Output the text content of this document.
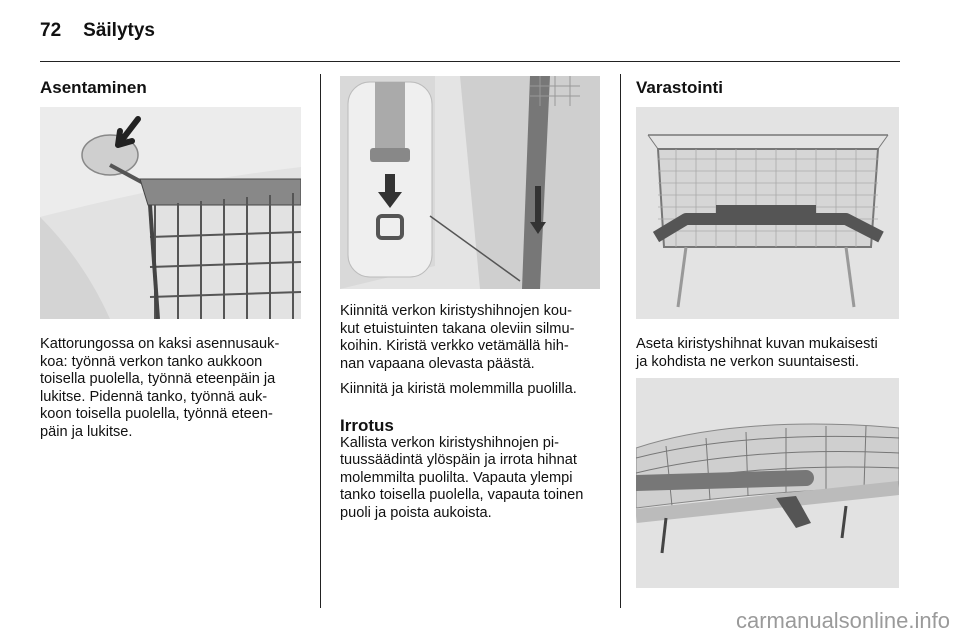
72 Säilytys
Asentaminen

Kattorungossa on kaksi asennusauk-
koa: työnnä verkon tanko aukkoon
toisella puolella, työnnä eteenpäin ja
lukitse. Pidennä tanko, työnnä auk-
koon toisella puolella, työnnä eteen-
päin ja lukitse.

Kiinnitä verkon kiristyshihnojen kou-
kut etuistuinten takana oleviin silmu-
koihin. Kiristä verkko vetämällä hih-
nan vapaana olevasta päästä.

Kiinnitä ja kiristä molemmilla puolilla.

Irrotus

Kallista verkon kiristyshihnojen pi-
tuussäädintä ylöspäin ja irrota hihnat
molemmilta puolilta. Vapauta ylempi
tanko toisella puolella, vapauta toinen
puoli ja poista aukoista.

Varastointi

Aseta kiristyshihnat kuvan mukaisesti
ja kohdista ne verkon suuntaisesti.

carmanualsonline.info
